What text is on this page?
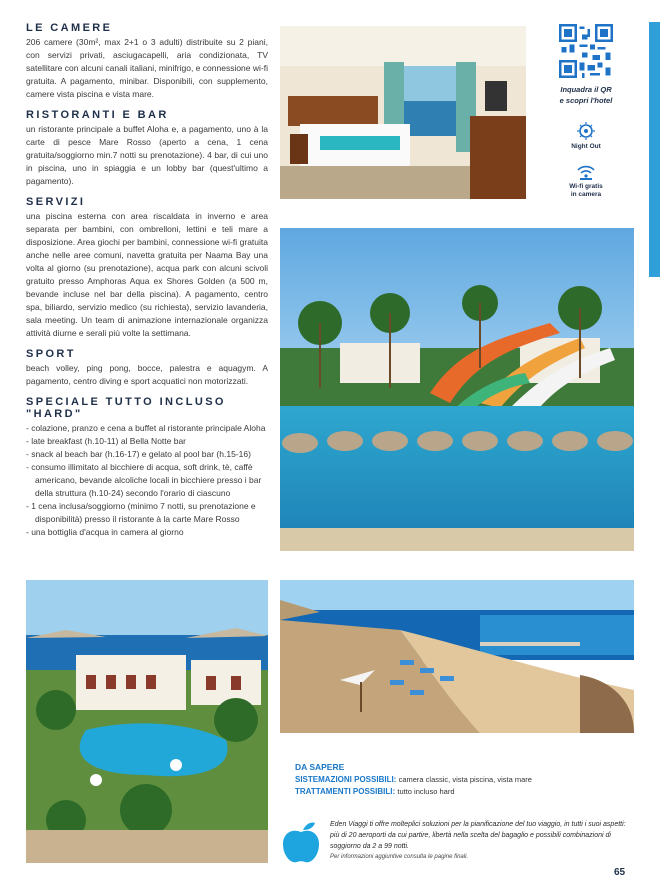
LE CAMERE
206 camere (30m², max 2+1 o 3 adulti) distribuite su 2 piani, con servizi privati, asciugacapelli, aria condizionata, TV satellitare con alcuni canali italiani, minifrigo, e connessione wi-fi gratuita. A pagamento, minibar. Disponibili, con supplemento, camere vista piscina e vista mare.
RISTORANTI E BAR
un ristorante principale a buffet Aloha e, a pagamento, uno à la carte di pesce Mare Rosso (aperto a cena, 1 cena gratuita/soggiorno min.7 notti su prenotazione). 4 bar, di cui uno in piscina, uno in spiaggia e un lobby bar (quest'ultimo a pagamento).
SERVIZI
una piscina esterna con area riscaldata in inverno e area separata per bambini, con ombrelloni, lettini e teli mare a disposizione. Area giochi per bambini, connessione wi-fi gratuita anche nelle aree comuni, navetta gratuita per Naama Bay una volta al giorno (su prenotazione), acqua park con alcuni scivoli gratuito presso Amphoras Aqua ex Shores Golden (a 500 m, bevande incluse nel bar della piscina). A pagamento, centro spa, biliardo, servizio medico (su richiesta), servizio lavanderia, sala meeting. Un team di animazione internazionale organizza attività diurne e serali più volte la settimana.
SPORT
beach volley, ping pong, bocce, palestra e aquagym. A pagamento, centro diving e sport acquatici non motorizzati.
SPECIALE TUTTO INCLUSO "HARD"
- colazione, pranzo e cena a buffet al ristorante principale Aloha
- late breakfast (h.10-11) al Bella Notte bar
- snack al beach bar (h.16-17) e gelato al pool bar (h.15-16)
- consumo illimitato al bicchiere di acqua, soft drink, tè, caffè americano, bevande alcoliche locali in bicchiere presso i bar della struttura (h.10-24) secondo l'orario di ciascuno
- 1 cena inclusa/soggiorno (minimo 7 notti, su prenotazione e disponibilità) presso il ristorante à la carte Mare Rosso
- una bottiglia d'acqua in camera al giorno
Inquadra il QR
e scopri l'hotel
Night Out
Wi-fi gratis
in camera
DA SAPERE
SISTEMAZIONI POSSIBILI: camera classic, vista piscina, vista mare
TRATTAMENTI POSSIBILI: tutto incluso hard
Eden Viaggi ti offre molteplici soluzioni per la pianificazione del tuo viaggio, in tutti i suoi aspetti: più di 20 aeroporti da cui partire, libertà nella scelta del bagaglio e possibili combinazioni di soggiorno da 2 a 99 notti.
Per informazioni aggiuntive consulta le pagine finali.
65
